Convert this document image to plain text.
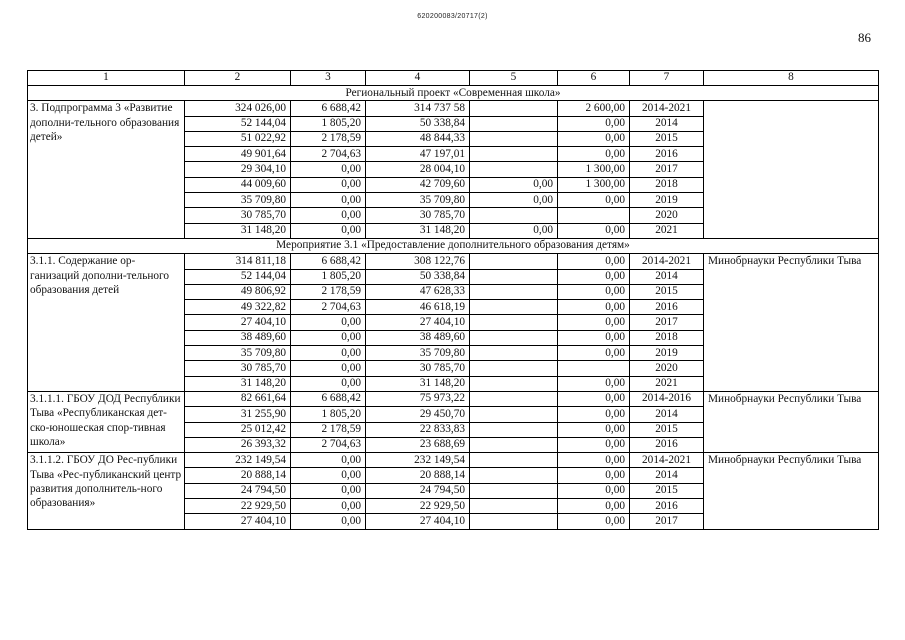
620200083/20717(2)
86
1	2	3	4	5	6	7	8
Региональный проект «Современная школа»							
3. Подпрограмма 3 «Развитие дополни-тельного образования детей»	324 026,00	6 688,42	314 737 58		2 600,00	2014-2021	
	52 144,04	1 805,20	50 338,84		0,00	2014	
	51 022,92	2 178,59	48 844,33		0,00	2015	
	49 901,64	2 704,63	47 197,01		0,00	2016	
	29 304,10	0,00	28 004,10		1 300,00	2017	
	44 009,60	0,00	42 709,60	0,00	1 300,00	2018	
	35 709,80	0,00	35 709,80	0,00	0,00	2019	
	30 785,70	0,00	30 785,70			2020	
	31 148,20	0,00	31 148,20	0,00	0,00	2021	
Мероприятие 3.1 «Предоставление дополнительного образования детям»							
3.1.1. Содержание ор-ганизаций дополни-тельного образования детей	314 811,18	6 688,42	308 122,76		0,00	2014-2021	Минобрнауки Республики Тыва
	52 144,04	1 805,20	50 338,84		0,00	2014	
	49 806,92	2 178,59	47 628,33		0,00	2015	
	49 322,82	2 704,63	46 618,19		0,00	2016	
	27 404,10	0,00	27 404,10		0,00	2017	
	38 489,60	0,00	38 489,60		0,00	2018	
	35 709,80	0,00	35 709,80		0,00	2019	
	30 785,70	0,00	30 785,70			2020	
	31 148,20	0,00	31 148,20		0,00	2021	
3.1.1.1. ГБОУ ДОД Республики Тыва «Республиканская дет-ско-юношеская спор-тивная школа»	82 661,64	6 688,42	75 973,22		0,00	2014-2016	Минобрнауки Республики Тыва
	31 255,90	1 805,20	29 450,70		0,00	2014	
	25 012,42	2 178,59	22 833,83		0,00	2015	
	26 393,32	2 704,63	23 688,69		0,00	2016	
3.1.1.2. ГБОУ ДО Рес-публики Тыва «Рес-публиканский центр развития дополнитель-ного образования»	232 149,54	0,00	232 149,54		0,00	2014-2021	Минобрнауки Республики Тыва
	20 888,14	0,00	20 888,14		0,00	2014	
	24 794,50	0,00	24 794,50		0,00	2015	
	22 929,50	0,00	22 929,50		0,00	2016	
	27 404,10	0,00	27 404,10		0,00	2017	
